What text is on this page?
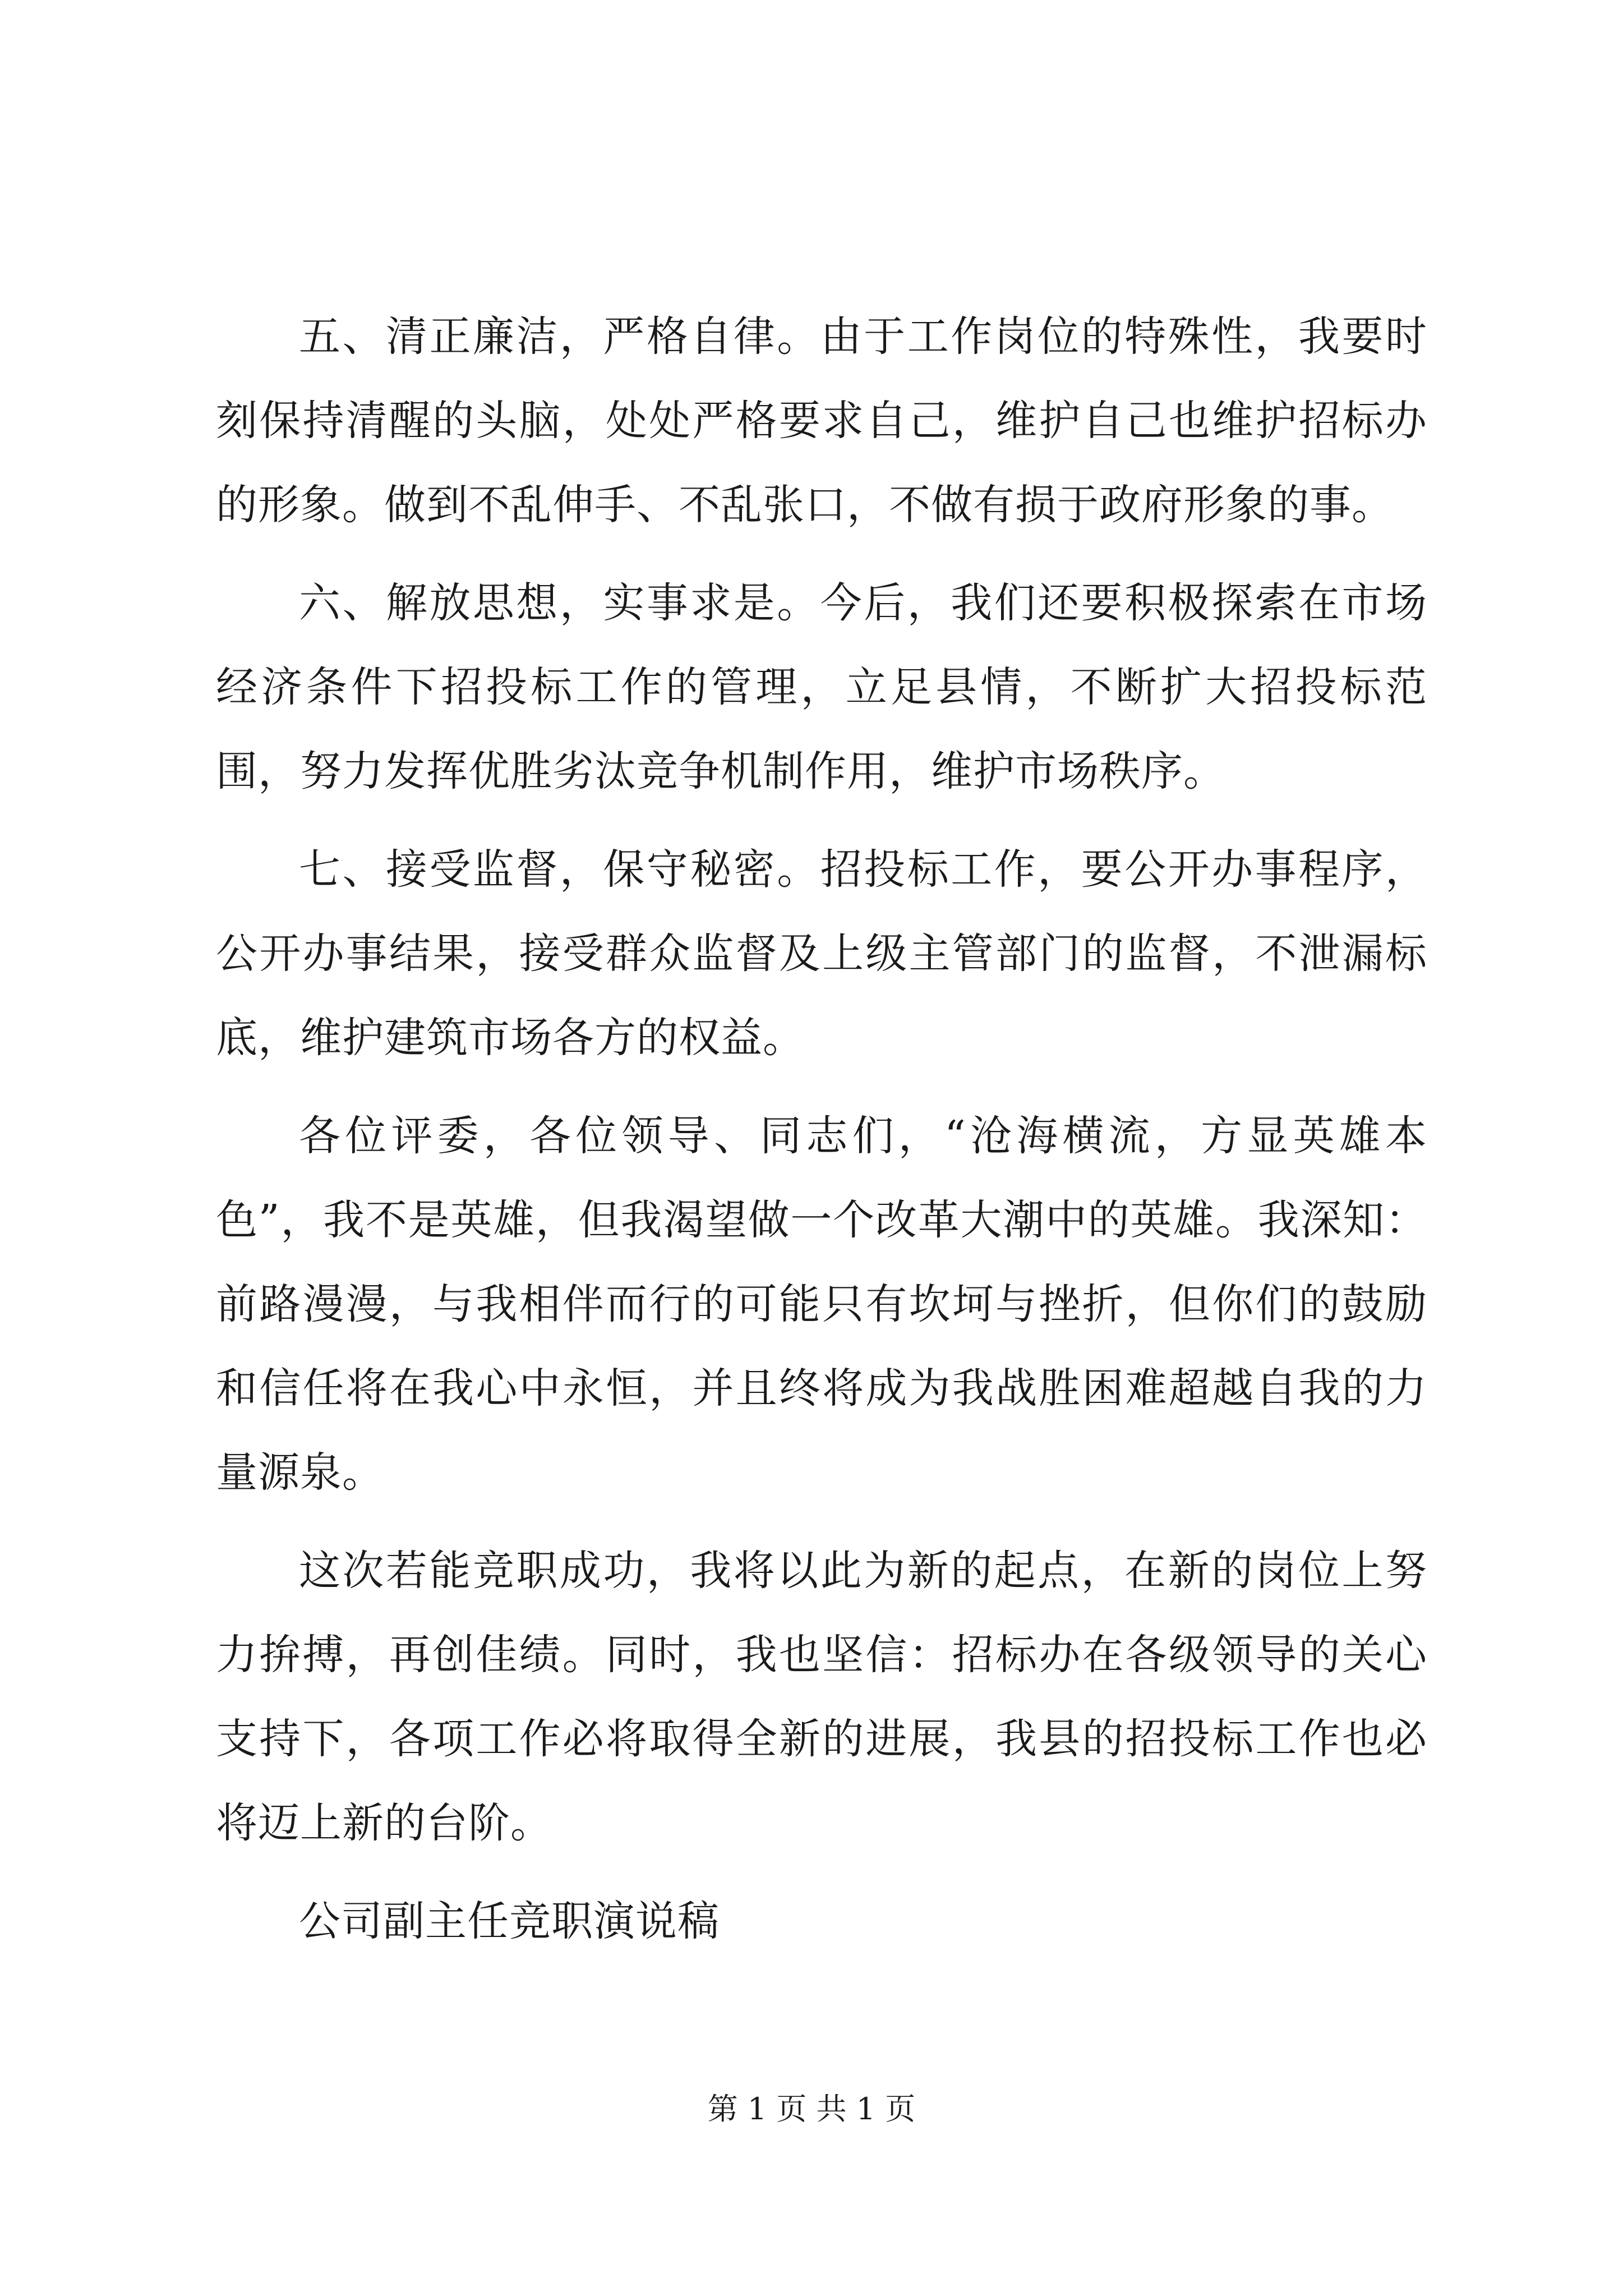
五、清正廉洁，严格自律。由于工作岗位的特殊性，我要时刻保持清醒的头脑，处处严格要求自己，维护自己也维护招标办的形象。做到不乱伸手、不乱张口，不做有损于政府形象的事。

六、解放思想，实事求是。今后，我们还要积极探索在市场经济条件下招投标工作的管理，立足县情，不断扩大招投标范围，努力发挥优胜劣汰竞争机制作用，维护市场秩序。

七、接受监督，保守秘密。招投标工作，要公开办事程序，公开办事结果，接受群众监督及上级主管部门的监督，不泄漏标底，维护建筑市场各方的权益。

各位评委，各位领导、同志们，“沧海横流，方显英雄本色”，我不是英雄，但我渴望做一个改革大潮中的英雄。我深知：前路漫漫，与我相伴而行的可能只有坎坷与挫折，但你们的鼓励和信任将在我心中永恒，并且终将成为我战胜困难超越自我的力量源泉。

这次若能竞职成功，我将以此为新的起点，在新的岗位上努力拚搏，再创佳绩。同时，我也坚信：招标办在各级领导的关心支持下，各项工作必将取得全新的进展，我县的招投标工作也必将迈上新的台阶。

公司副主任竞职演说稿

第 1 页 共 1 页
